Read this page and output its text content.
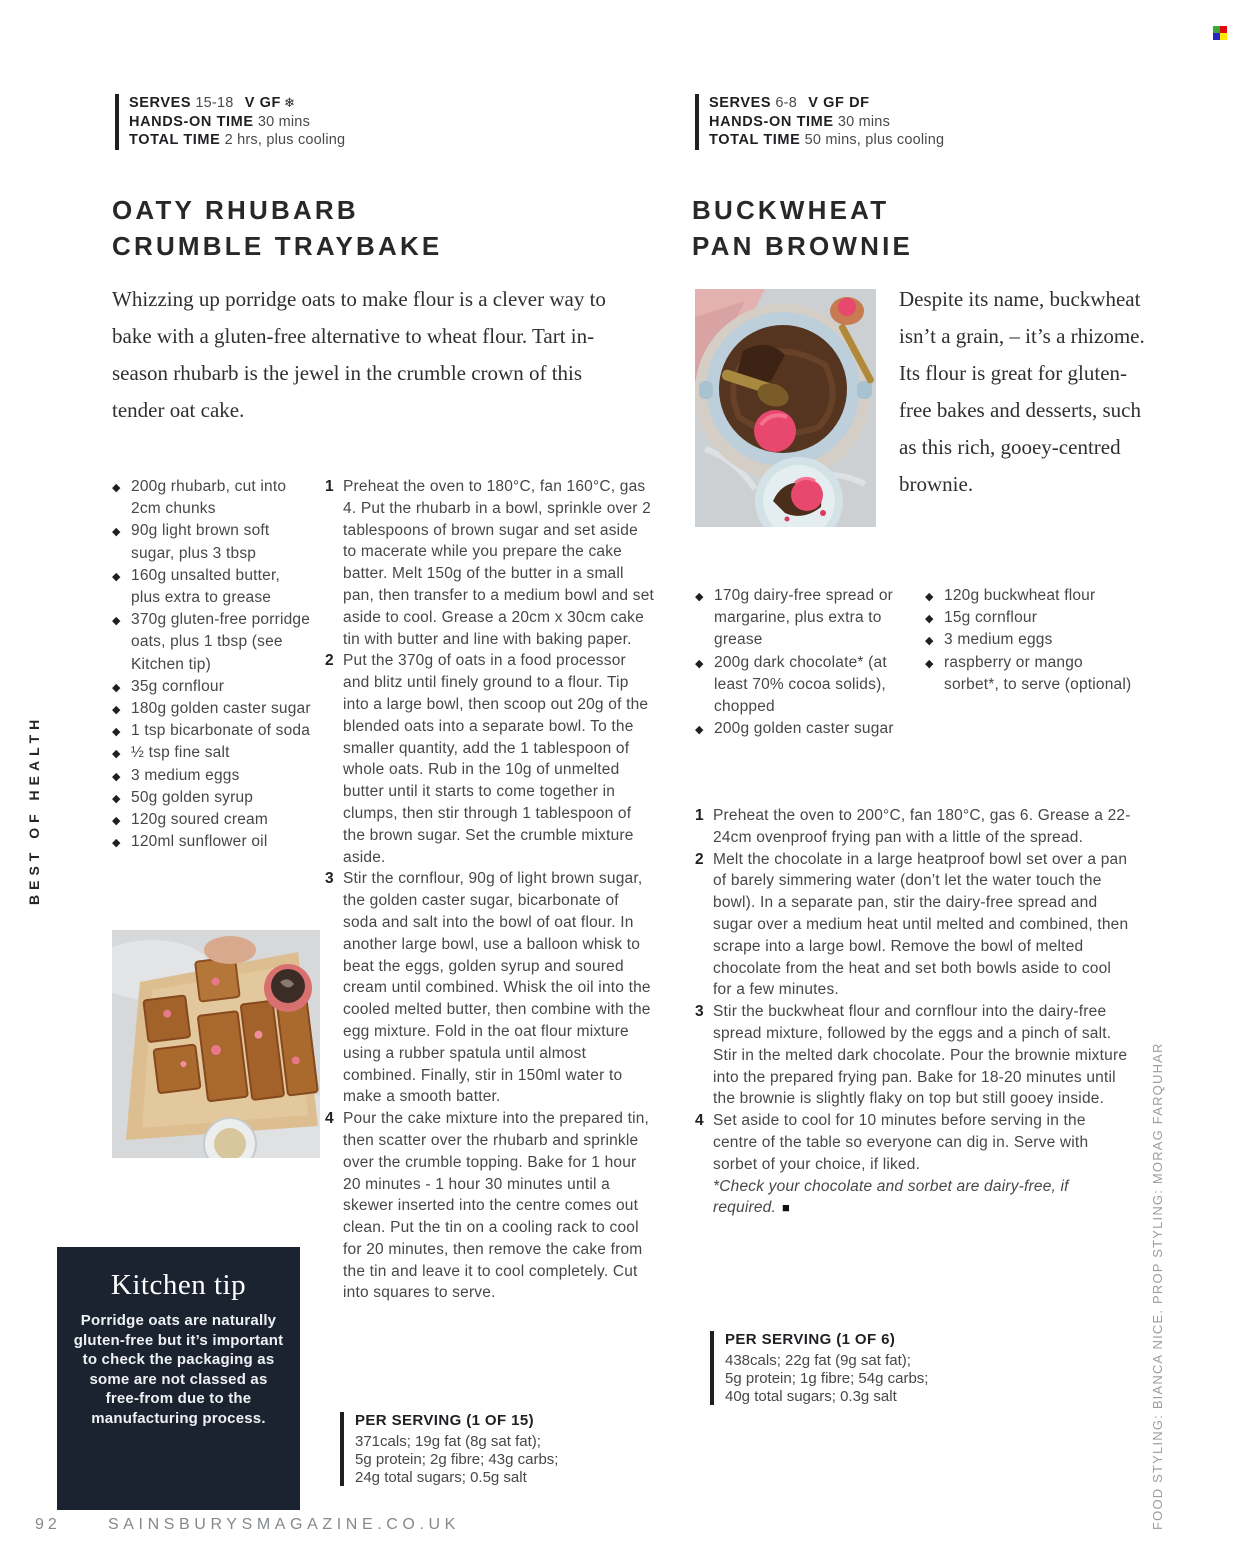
BEST OF HEALTH
SERVES 15-18 V GF ❄
HANDS-ON TIME 30 mins
TOTAL TIME 2 hrs, plus cooling
OATY RHUBARB
CRUMBLE TRAYBAKE

Whizzing up porridge oats to make flour is a clever way to bake with a gluten-free alternative to wheat flour. Tart in-season rhubarb is the jewel in the crumble crown of this tender oat cake.

◆ 200g rhubarb, cut into 2cm chunks
◆ 90g light brown soft sugar, plus 3 tbsp
◆ 160g unsalted butter, plus extra to grease
◆ 370g gluten-free porridge oats, plus 1 tbsp (see Kitchen tip)
◆ 35g cornflour
◆ 180g golden caster sugar
◆ 1 tsp bicarbonate of soda
◆ ½ tsp fine salt
◆ 3 medium eggs
◆ 50g golden syrup
◆ 120g soured cream
◆ 120ml sunflower oil
1 Preheat the oven to 180°C, fan 160°C, gas 4. Put the rhubarb in a bowl, sprinkle over 2 tablespoons of brown sugar and set aside to macerate while you prepare the cake batter. Melt 150g of the butter in a small pan, then transfer to a medium bowl and set aside to cool. Grease a 20cm x 30cm cake tin with butter and line with baking paper.
2 Put the 370g of oats in a food processor and blitz until finely ground to a flour. Tip into a large bowl, then scoop out 20g of the blended oats into a separate bowl. To the smaller quantity, add the 1 tablespoon of whole oats. Rub in the 10g of unmelted butter until it starts to come together in clumps, then stir through 1 tablespoon of the brown sugar. Set the crumble mixture aside.
3 Stir the cornflour, 90g of light brown sugar, the golden caster sugar, bicarbonate of soda and salt into the bowl of oat flour. In another large bowl, use a balloon whisk to beat the eggs, golden syrup and soured cream until combined. Whisk the oil into the cooled melted butter, then combine with the egg mixture. Fold in the oat flour mixture using a rubber spatula until almost combined. Finally, stir in 150ml water to make a smooth batter.
4 Pour the cake mixture into the prepared tin, then scatter over the rhubarb and sprinkle over the crumble topping. Bake for 1 hour 20 minutes - 1 hour 30 minutes until a skewer inserted into the centre comes out clean. Put the tin on a cooling rack to cool for 20 minutes, then remove the cake from the tin and leave it to cool completely. Cut into squares to serve.
Kitchen tip
Porridge oats are naturally gluten-free but it’s important to check the packaging as some are not classed as free-from due to the manufacturing process.	PER SERVING (1 OF 15)
371cals; 19g fat (8g sat fat);
5g protein; 2g fibre; 43g carbs;
24g total sugars; 0.5g salt
SERVES 6-8 V GF DF
HANDS-ON TIME 30 mins
TOTAL TIME 50 mins, plus cooling
BUCKWHEAT
PAN BROWNIE

Despite its name, buckwheat isn’t a grain, – it’s a rhizome. Its flour is great for gluten-free bakes and desserts, such as this rich, gooey-centred brownie.

◆ 170g dairy-free spread or margarine, plus extra to grease
◆ 200g dark chocolate* (at least 70% cocoa solids), chopped
◆ 200g golden caster sugar
◆ 120g buckwheat flour
◆ 15g cornflour
◆ 3 medium eggs
◆ raspberry or mango sorbet*, to serve (optional)
1 Preheat the oven to 200°C, fan 180°C, gas 6. Grease a 22-24cm ovenproof frying pan with a little of the spread.
2 Melt the chocolate in a large heatproof bowl set over a pan of barely simmering water (don’t let the water touch the bowl). In a separate pan, stir the dairy-free spread and sugar over a medium heat until melted and combined, then scrape into a large bowl. Remove the bowl of melted chocolate from the heat and set both bowls aside to cool for a few minutes.
3 Stir the buckwheat flour and cornflour into the dairy-free spread mixture, followed by the eggs and a pinch of salt. Stir in the melted dark chocolate. Pour the brownie mixture into the prepared frying pan. Bake for 18-20 minutes until the brownie is slightly flaky on top but still gooey inside.
4 Set aside to cool for 10 minutes before serving in the centre of the table so everyone can dig in. Serve with sorbet of your choice, if liked.
*Check your chocolate and sorbet are dairy-free, if required. ■
PER SERVING (1 OF 6)
438cals; 22g fat (9g sat fat);
5g protein; 1g fibre; 54g carbs;
40g total sugars; 0.3g salt	FOOD STYLING: BIANCA NICE. PROP STYLING: MORAG FARQUHAR
92	SAINSBURYSMAGAZINE.CO.UK
